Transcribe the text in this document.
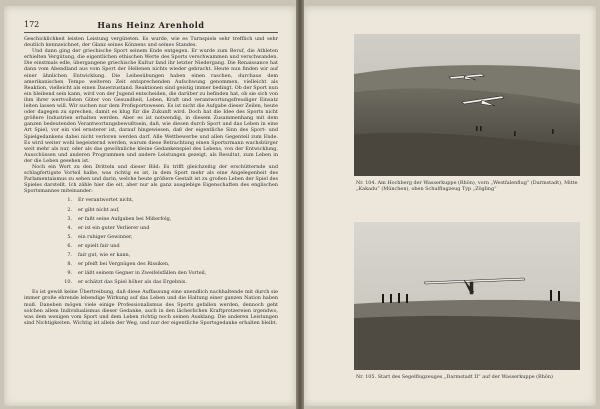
172	Hans Heinz Arenhold

Geschicklichkeit leisten Leistung vergüteten. Es wurde, wie es Turnspiels sehr trefflich und sehr deutlich kennzeichnet, der Glanz seines Könnens und seines Standes.

Und dann ging der griechische Sport seinem Ende entgegen. Er wurde zum Beruf, die Athleten erhielten Vergütung, die eigentlichen ethischen Werte des Sports verschwammen und verschwanden. Die einstmals edle, übergangene griechische Kultur fand ihr letzter Niedergang. Die Renaissance hat dann vom Abendland aus vom Sport der Hellenen nichts wieder gebracht. Heute nun finden wir auf einer ähnlichen Entwicklung. Die Leibesübungen haben einen raschen, durchaus dem amerikanischen Tempo weiteren Zeit entsprechenden Aufschwung genommen, vielleicht als Reaktion, vielleicht als einen Dauerzustand. Reaktionen sind geistig immer bedingt. Ob der Sport nun ein bleibend sein kann, wird von der Jugend entscheiden, die darüber zu befinden hat, ob sie sich von ihm ihrer wertvollsten Güter von Gesundheit, Leben, Kraft und verantwortungsfreudiger Einsatz leiten lassen will. Wir suchen nur dem Profisportswesen. Es ist nicht die Aufgabe dieser Zeilen, heute oder dagegen zu sprechen, damit es klug für die Zukunft wird. Doch hat die Idee des Sports nicht größere Industrien erhalten werden. Aber es ist notwendig, in diesem Zusammenhang mit dem ganzen bedeutenden Verantwortungsbewußtsein, daß, wie diesen durch Sport und das Leben in eine Art Spiel, vor ein viel ernsterer ist, darauf hingewiesen, daß der eigentliche Sinn des Sport- und Spielgedankens dabei nicht verloren werden darf. Alle Wettbewerbe und allen Gegenteil zum Ende. Es wird weiter wohl begeisternd werden, warum diese Betrachtung einen Sportsrmann wachsbürger weit mehr als nur, oder als das gewöhnliche kleine Gedankenspiel des Lebens, von der Entwicklung, Ausschüssen und anderen Programmen und andere Leistungen gezeigt, als Resultat, zum Leben in der die Leben gesehen ist.

Noch ein Wort zu den Dritteln und dieser Bild: Es trifft gleichzeitig der erschütternde und schlagfertigste Vorteil halbe, was richtig es ist, in dem Sport mehr als eine Angelegenheit des Parlamentaismus zu sehen und darin, welche heute größere Gestalt ist zu großen Leben der Spiel des Spieles darstellt. Ich zähle hier die eit, aber nur als ganz ausgiebige Eigenschaften des englischen Sportsmannes miteinander:

1. Er verantwortet nicht,
2. er gibt nicht auf,
3. er faßt seine Aufgaben bei Mißerfolg,
4. er ist ein guter Verlierer und
5. ein ruhiger Gewinner,
6. er spielt fair und
7. fair gut, wie er kann,
8. er pfeift bei Vergnügen des Rissiken,
9. er läßt seinem Gegner in Zweifelsfällen den Vorteil,
10. er schätzt das Spiel höher als das Ergebnis.

Es ist gewiß keine Übertreibung, daß diese Auffassung eine unendlich nachhaltende mit durch sie immer große ehrende lebendige Wirkung auf das Leben und die Haltung einer ganzen Nation haben muß. Daneben mögen viele einige Professionalismus des Sports gefallen werden, dennoch geht solchen allem Individualismus dieser Gedanke, auch in den lächerlichen Kraftprotzereien irgendwo, was dem wenigen vom Sport und dem Leben richtig noch seinen Ausklang. Die anderen Leistungen sind Nichtigkeiten. Wichtig ist allein der Weg, und nur der eigentliche Sportsgedanke erhalten bleibt.

Nr. 104. Am Hochberg der Wasserkuppe (Rhön), vorn „Westfalenflug“ (Darmstadt), Mitte „Kakadu“ (München), oben Schulflugzeug Typ „Zögling“
Nr. 105. Start des Segelflugzeuges „Darmstadt II“ auf der Wasserkuppe (Rhön)
